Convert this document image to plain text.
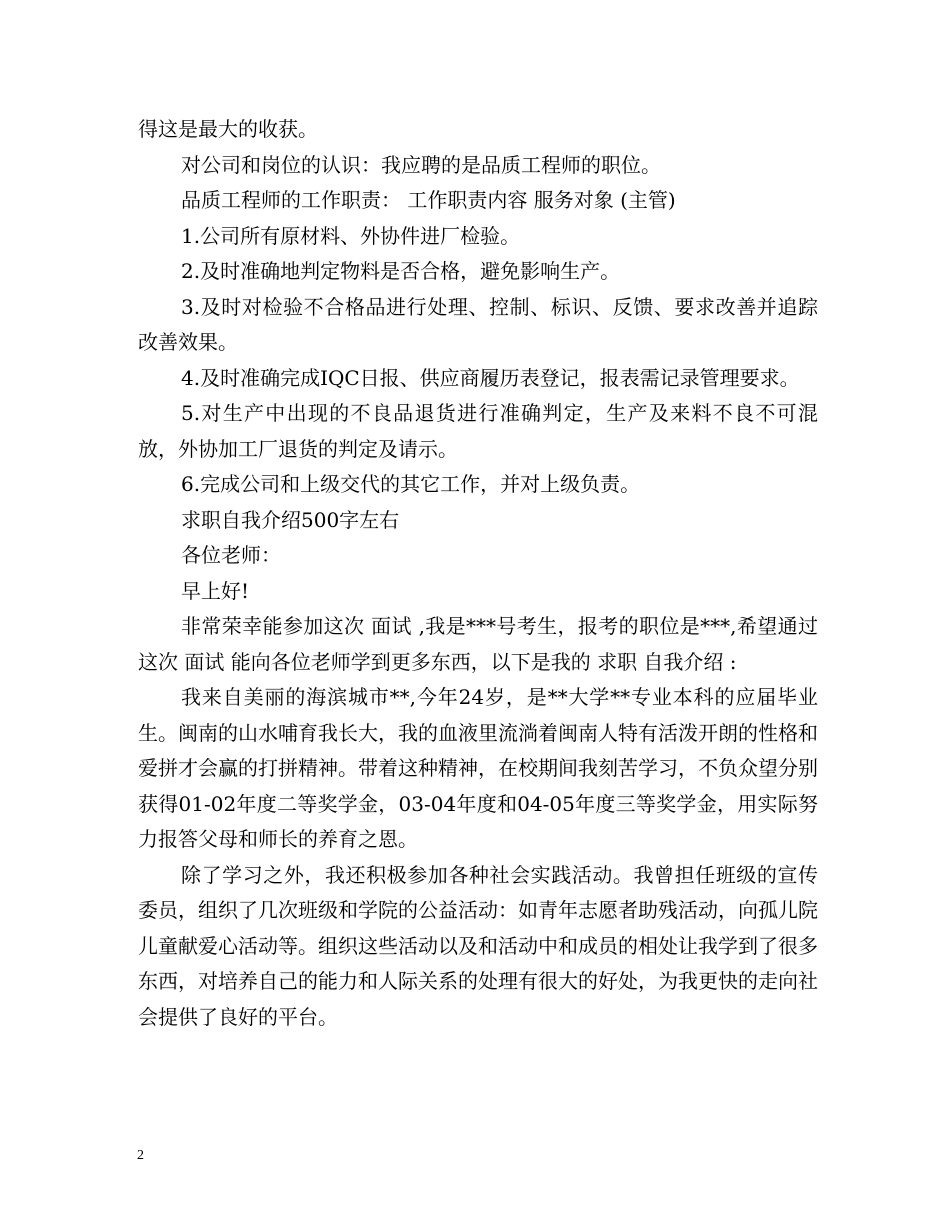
得这是最大的收获。

对公司和岗位的认识：我应聘的是品质工程师的职位。

品质工程师的工作职责： 工作职责内容 服务对象 (主管)

1.公司所有原材料、外协件进厂检验。

2.及时准确地判定物料是否合格，避免影响生产。

3.及时对检验不合格品进行处理、控制、标识、反馈、要求改善并追踪改善效果。

4.及时准确完成IQC日报、供应商履历表登记，报表需记录管理要求。

5.对生产中出现的不良品退货进行准确判定，生产及来料不良不可混放，外协加工厂退货的判定及请示。

6.完成公司和上级交代的其它工作，并对上级负责。

求职自我介绍500字左右

各位老师：

早上好!

非常荣幸能参加这次 面试 ,我是***号考生，报考的职位是***,希望通过这次 面试 能向各位老师学到更多东西，以下是我的 求职 自我介绍 :

我来自美丽的海滨城市**,今年24岁，是**大学**专业本科的应届毕业生。闽南的山水哺育我长大，我的血液里流淌着闽南人特有活泼开朗的性格和爱拼才会赢的打拼精神。带着这种精神，在校期间我刻苦学习，不负众望分别获得01-02年度二等奖学金，03-04年度和04-05年度三等奖学金，用实际努力报答父母和师长的养育之恩。

除了学习之外，我还积极参加各种社会实践活动。我曾担任班级的宣传委员，组织了几次班级和学院的公益活动：如青年志愿者助残活动，向孤儿院儿童献爱心活动等。组织这些活动以及和活动中和成员的相处让我学到了很多东西，对培养自己的能力和人际关系的处理有很大的好处，为我更快的走向社会提供了良好的平台。

2
